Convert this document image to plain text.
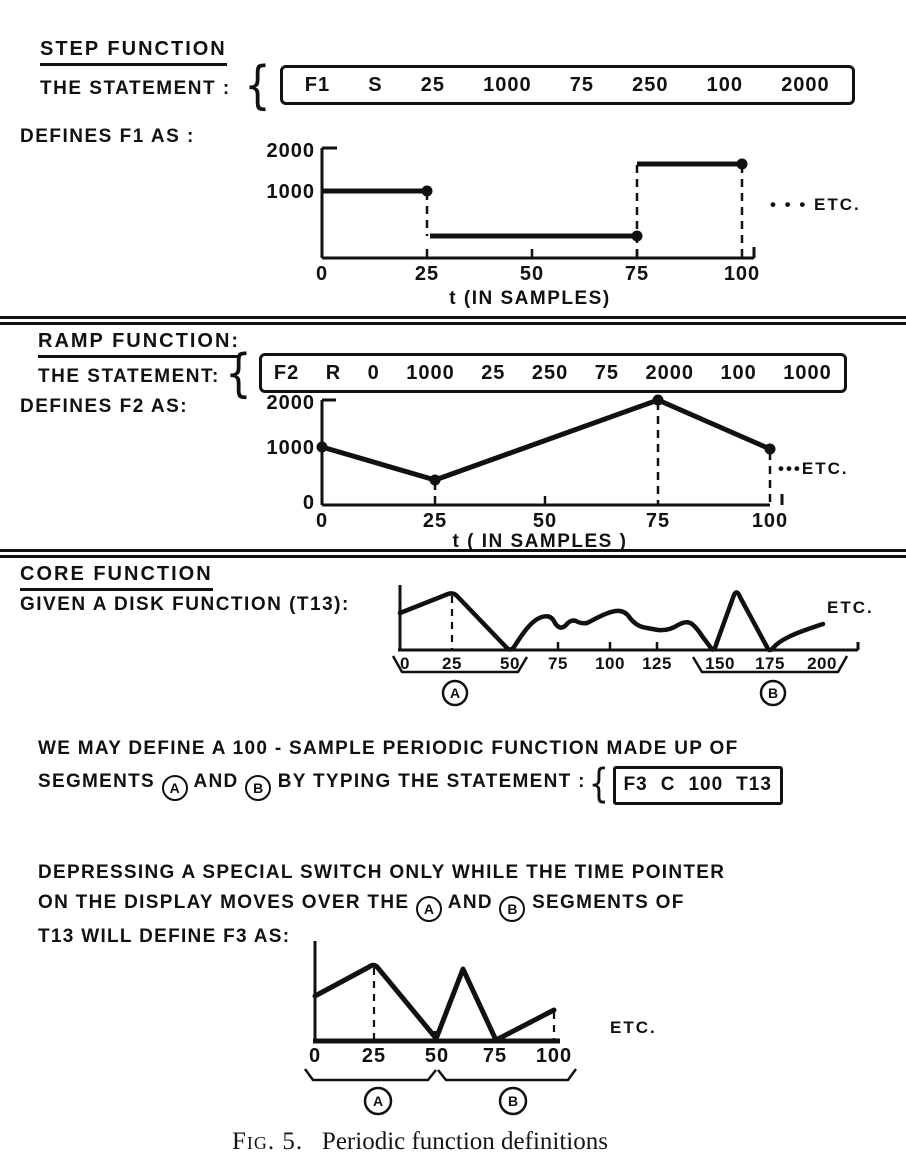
STEP FUNCTION
THE STATEMENT : { F1 S 25 1000 75 250 100 2000
DEFINES F1 AS :
2000
1000
0	25	50	75	100
• • • ETC.
t (IN SAMPLES)
RAMP FUNCTION:
THE STATEMENT: { F2 R 0 1000 25 250 75 2000 100 1000
DEFINES F2 AS:	2000
1000
0
0	25	50	75	100
•••ETC.
t ( IN SAMPLES )
CORE FUNCTION
GIVEN A DISK FUNCTION (T13):
0 25 50 75 100 125 150 175 200
ETC.
A	B
WE MAY DEFINE A 100 - SAMPLE PERIODIC FUNCTION MADE UP OF
SEGMENTS A AND B BY TYPING THE STATEMENT :{ F3 C 100 T13
DEPRESSING A SPECIAL SWITCH ONLY WHILE THE TIME POINTER
ON THE DISPLAY MOVES OVER THE A AND B SEGMENTS OF
T13 WILL DEFINE F3 AS:
0 25 50 75 100
ETC.
A	B
Fig. 5. Periodic function definitions
